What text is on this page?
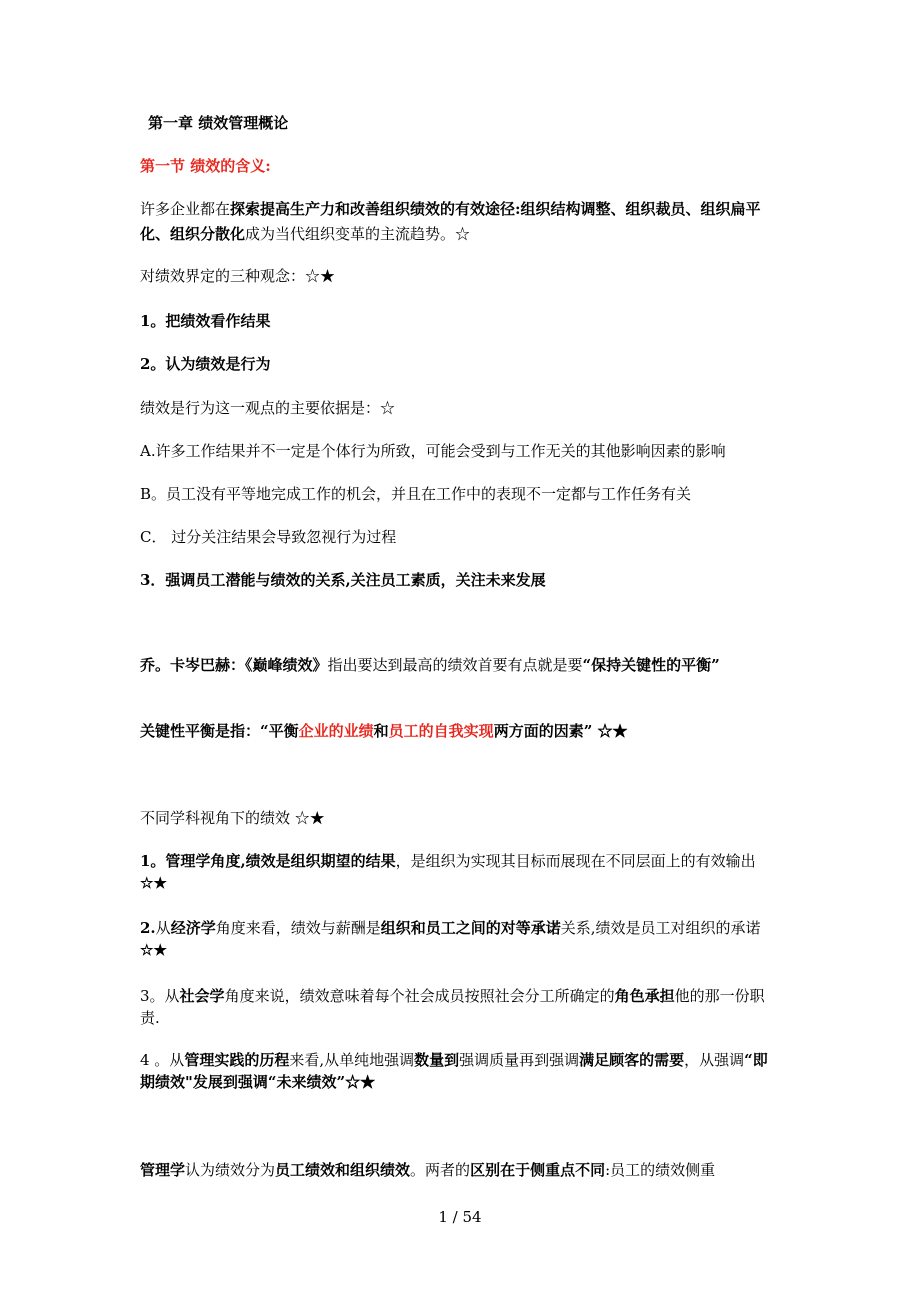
第一章 绩效管理概论
第一节 绩效的含义:
许多企业都在探索提高生产力和改善组织绩效的有效途径:组织结构调整、组织裁员、组织扁平化、组织分散化成为当代组织变革的主流趋势。☆
对绩效界定的三种观念：☆★
1。把绩效看作结果
2。认为绩效是行为
绩效是行为这一观点的主要依据是：☆
A.许多工作结果并不一定是个体行为所致，可能会受到与工作无关的其他影响因素的影响
B。员工没有平等地完成工作的机会，并且在工作中的表现不一定都与工作任务有关
C． 过分关注结果会导致忽视行为过程
3．强调员工潜能与绩效的关系,关注员工素质，关注未来发展
乔。卡岑巴赫：《巅峰绩效》指出要达到最高的绩效首要有点就是要“保持关键性的平衡”
关键性平衡是指：“平衡企业的业绩和员工的自我实现两方面的因素” ☆★
不同学科视角下的绩效 ☆★
1。管理学角度,绩效是组织期望的结果，是组织为实现其目标而展现在不同层面上的有效输出☆★
2.从经济学角度来看，绩效与薪酬是组织和员工之间的对等承诺关系,绩效是员工对组织的承诺☆★
3。从社会学角度来说，绩效意味着每个社会成员按照社会分工所确定的角色承担他的那一份职责.
4 。从管理实践的历程来看,从单纯地强调数量到强调质量再到强调满足顾客的需要，从强调“即期绩效"发展到强调“未来绩效”☆★
管理学认为绩效分为员工绩效和组织绩效。两者的区别在于侧重点不同:员工的绩效侧重
1 / 54
